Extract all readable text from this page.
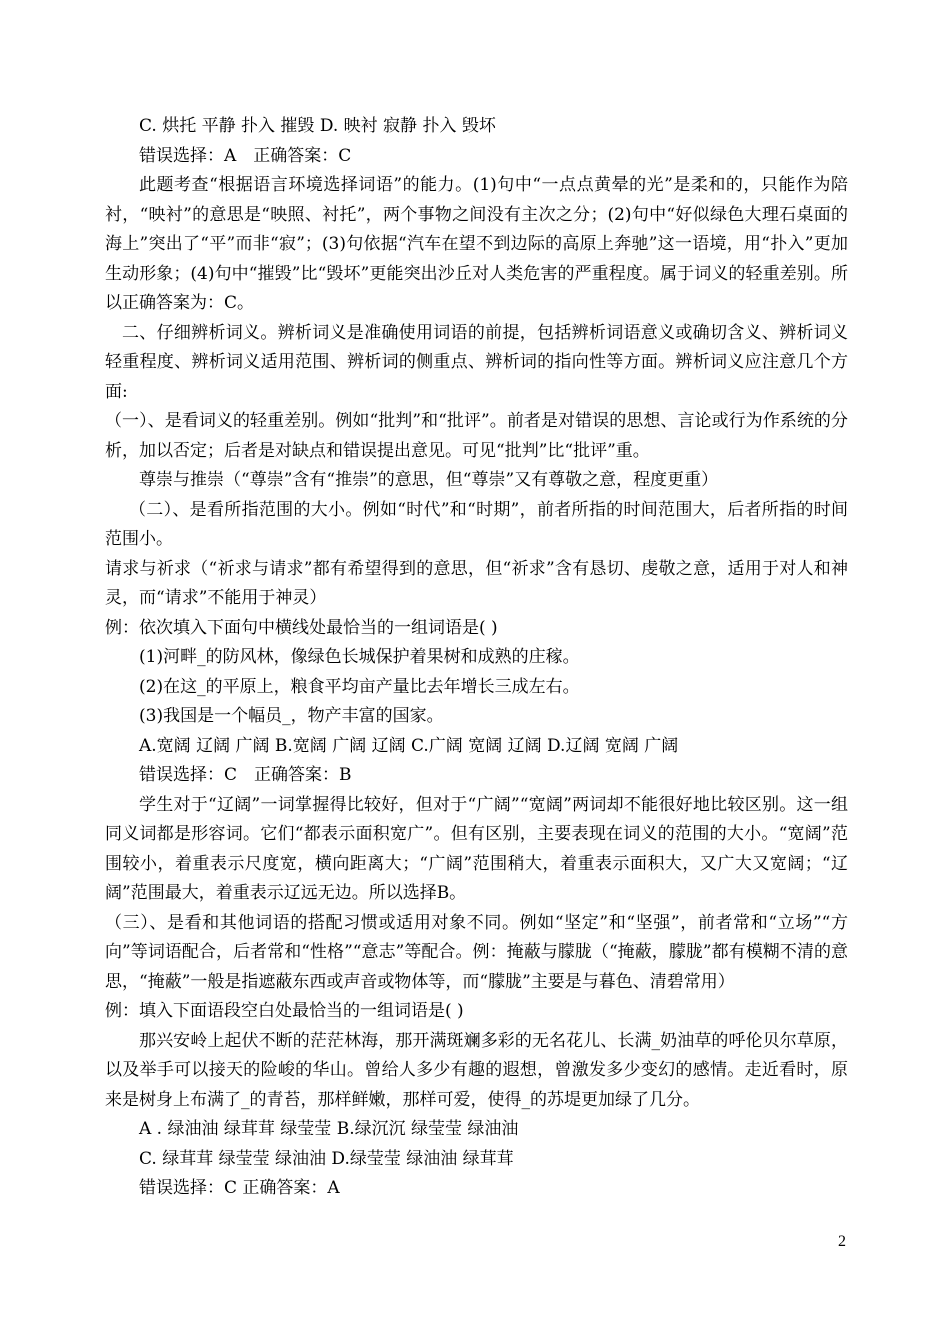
C. 烘托 平静 扑入 摧毁 D. 映衬 寂静 扑入 毁坏

错误选择：A　正确答案：C

此题考查“根据语言环境选择词语”的能力。(1)句中“一点点黄晕的光”是柔和的，只能作为陪衬，“映衬”的意思是“映照、衬托”，两个事物之间没有主次之分；(2)句中“好似绿色大理石桌面的海上”突出了“平”而非“寂”；(3)句依据“汽车在望不到边际的高原上奔驰”这一语境，用“扑入”更加生动形象；(4)句中“摧毁”比“毁坏”更能突出沙丘对人类危害的严重程度。属于词义的轻重差别。所以正确答案为：C。

二、仔细辨析词义。辨析词义是准确使用词语的前提，包括辨析词语意义或确切含义、辨析词义轻重程度、辨析词义适用范围、辨析词的侧重点、辨析词的指向性等方面。辨析词义应注意几个方面:

（一）、是看词义的轻重差别。例如“批判”和“批评”。前者是对错误的思想、言论或行为作系统的分析，加以否定；后者是对缺点和错误提出意见。可见“批判”比“批评”重。

尊崇与推崇（“尊崇”含有“推崇”的意思，但“尊崇”又有尊敬之意，程度更重）

（二）、是看所指范围的大小。例如“时代”和“时期”，前者所指的时间范围大，后者所指的时间范围小。

请求与祈求（“祈求与请求”都有希望得到的意思，但“祈求”含有恳切、虔敬之意，适用于对人和神灵，而“请求”不能用于神灵）

例：依次填入下面句中横线处最恰当的一组词语是( )

(1)河畔_的防风林，像绿色长城保护着果树和成熟的庄稼。

(2)在这_的平原上，粮食平均亩产量比去年增长三成左右。

(3)我国是一个幅员_，物产丰富的国家。

A.宽阔 辽阔 广阔 B.宽阔 广阔 辽阔 C.广阔 宽阔 辽阔 D.辽阔 宽阔 广阔

错误选择：C　正确答案：B

学生对于“辽阔”一词掌握得比较好，但对于“广阔”“宽阔”两词却不能很好地比较区别。这一组同义词都是形容词。它们“都表示面积宽广”。但有区别，主要表现在词义的范围的大小。“宽阔”范围较小，着重表示尺度宽，横向距离大；“广阔”范围稍大，着重表示面积大，又广大又宽阔；“辽阔”范围最大，着重表示辽远无边。所以选择B。

（三）、是看和其他词语的搭配习惯或适用对象不同。例如“坚定”和“坚强”，前者常和“立场”“方向”等词语配合，后者常和“性格”“意志”等配合。例：掩蔽与朦胧（“掩蔽，朦胧”都有模糊不清的意思，“掩蔽”一般是指遮蔽东西或声音或物体等，而“朦胧”主要是与暮色、清碧常用）

例：填入下面语段空白处最恰当的一组词语是( )

那兴安岭上起伏不断的茫茫林海，那开满斑斓多彩的无名花儿、长满_奶油草的呼伦贝尔草原，以及举手可以接天的险峻的华山。曾给人多少有趣的遐想，曾激发多少变幻的感情。走近看时，原来是树身上布满了_的青苔，那样鲜嫩，那样可爱，使得_的苏堤更加绿了几分。

A . 绿油油 绿茸茸 绿莹莹 B.绿沉沉 绿莹莹 绿油油

C. 绿茸茸 绿莹莹 绿油油 D.绿莹莹 绿油油 绿茸茸

错误选择：C 正确答案：A

2
